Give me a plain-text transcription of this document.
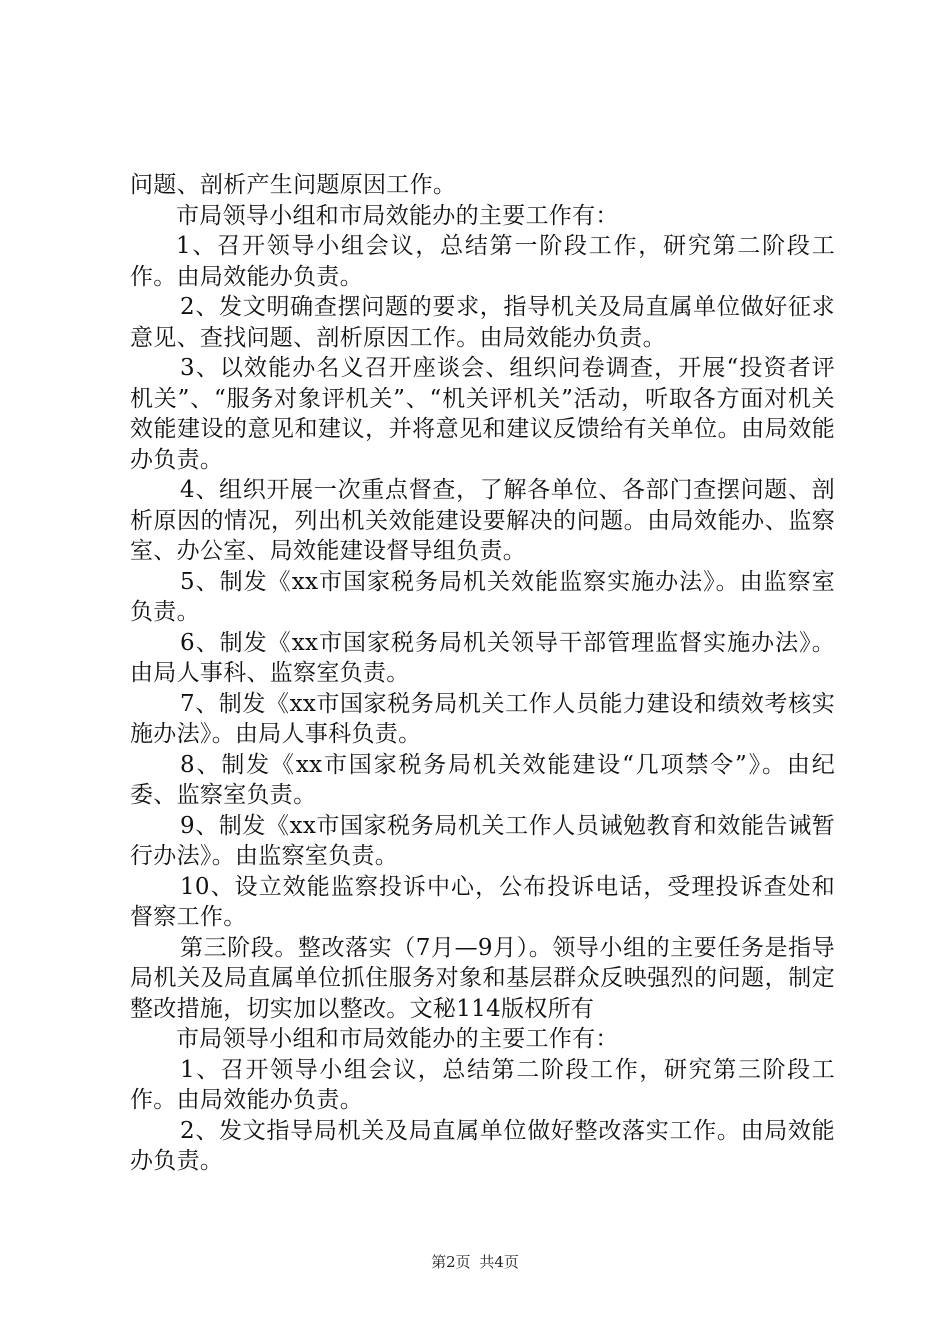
问题、剖析产生问题原因工作。

市局领导小组和市局效能办的主要工作有：

1、召开领导小组会议，总结第一阶段工作，研究第二阶段工作。由局效能办负责。

2、发文明确查摆问题的要求，指导机关及局直属单位做好征求意见、查找问题、剖析原因工作。由局效能办负责。

3、以效能办名义召开座谈会、组织问卷调查，开展“投资者评机关”、“服务对象评机关”、“机关评机关”活动，听取各方面对机关效能建设的意见和建议，并将意见和建议反馈给有关单位。由局效能办负责。

4、组织开展一次重点督查，了解各单位、各部门查摆问题、剖析原因的情况，列出机关效能建设要解决的问题。由局效能办、监察室、办公室、局效能建设督导组负责。

5、制发《xx市国家税务局机关效能监察实施办法》。由监察室负责。

6、制发《xx市国家税务局机关领导干部管理监督实施办法》。由局人事科、监察室负责。

7、制发《xx市国家税务局机关工作人员能力建设和绩效考核实施办法》。由局人事科负责。

8、制发《xx市国家税务局机关效能建设“几项禁令”》。由纪委、监察室负责。

9、制发《xx市国家税务局机关工作人员诫勉教育和效能告诫暂行办法》。由监察室负责。

10、设立效能监察投诉中心，公布投诉电话，受理投诉查处和督察工作。

第三阶段。整改落实（7月—9月）。领导小组的主要任务是指导局机关及局直属单位抓住服务对象和基层群众反映强烈的问题，制定整改措施，切实加以整改。文秘114版权所有

市局领导小组和市局效能办的主要工作有：

1、召开领导小组会议，总结第二阶段工作，研究第三阶段工作。由局效能办负责。

2、发文指导局机关及局直属单位做好整改落实工作。由局效能办负责。

第2页 共4页
